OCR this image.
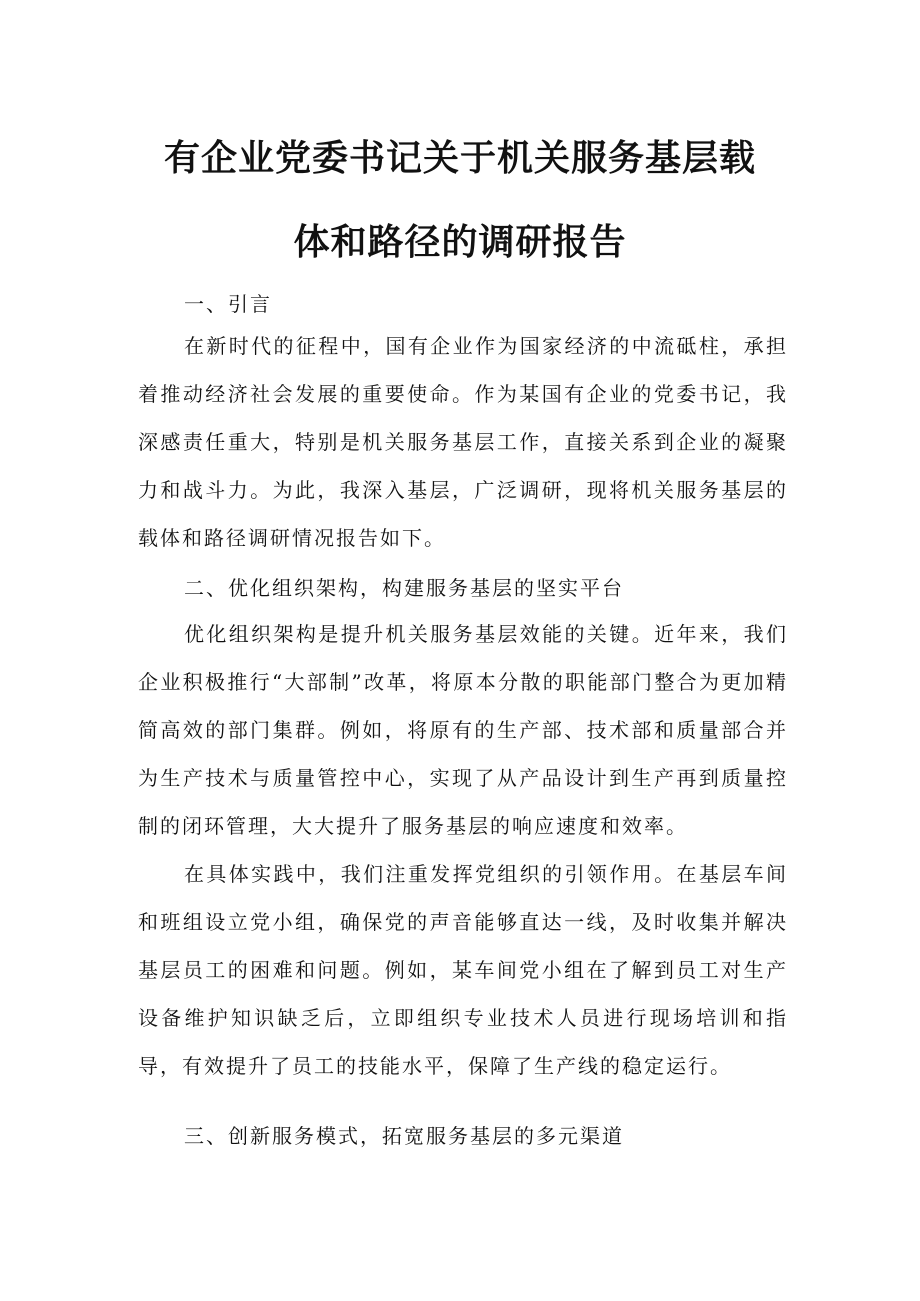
有企业党委书记关于机关服务基层载
体和路径的调研报告
一、引言

在新时代的征程中，国有企业作为国家经济的中流砥柱，承担着推动经济社会发展的重要使命。作为某国有企业的党委书记，我深感责任重大，特别是机关服务基层工作，直接关系到企业的凝聚力和战斗力。为此，我深入基层，广泛调研，现将机关服务基层的载体和路径调研情况报告如下。

二、优化组织架构，构建服务基层的坚实平台

优化组织架构是提升机关服务基层效能的关键。近年来，我们企业积极推行“大部制”改革，将原本分散的职能部门整合为更加精简高效的部门集群。例如，将原有的生产部、技术部和质量部合并为生产技术与质量管控中心，实现了从产品设计到生产再到质量控制的闭环管理，大大提升了服务基层的响应速度和效率。

在具体实践中，我们注重发挥党组织的引领作用。在基层车间和班组设立党小组，确保党的声音能够直达一线，及时收集并解决基层员工的困难和问题。例如，某车间党小组在了解到员工对生产设备维护知识缺乏后，立即组织专业技术人员进行现场培训和指导，有效提升了员工的技能水平，保障了生产线的稳定运行。

三、创新服务模式，拓宽服务基层的多元渠道
